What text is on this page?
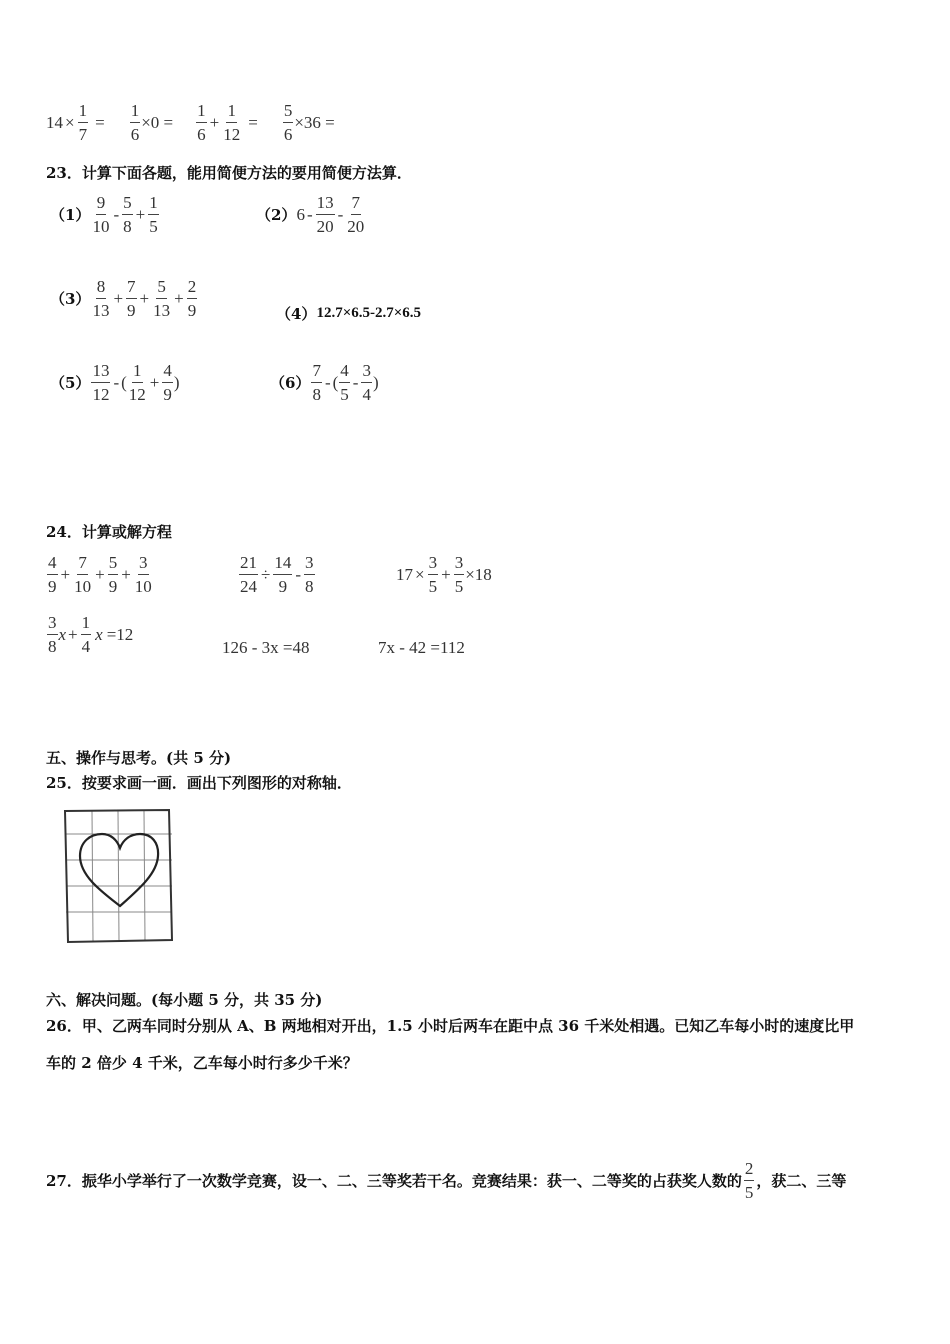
$14 \times \frac{1}{7} = \frac{1}{6} \times 0 = \frac{1}{6} + \frac{1}{12} = \frac{5}{6} \times 36$ =
23．计算下面各题，能用简便方法的要用简便方法算．
$(1) \frac{9}{10} - \frac{5}{8} + \frac{1}{5}$	（2） $6 - \frac{13}{20} - \frac{7}{20}$
$(3) \frac{8}{13} + \frac{7}{9} + \frac{5}{13} + \frac{2}{9}$	（4） 12.7×6.5-2.7×6.5
$(5) \frac{13}{12}$ - ( $\frac{1}{12} + \frac{4}{9}$ )	$(6) \frac{7}{8}$ - ( $\frac{4}{5} - \frac{3}{4}$ )
24．计算或解方程
$\frac{4}{9} + \frac{7}{10} + \frac{5}{9} + \frac{3}{10}$	$\frac{21}{24} \div \frac{14}{9} - \frac{3}{8}$	$17 \times \frac{3}{5} + \frac{3}{5} \times 18$
$\frac{3}{8}$ $x + \frac{1}{4}$ x =12
126 - 3x =48	7x - 42 =112
五、操作与思考。(共 5 分)
25．按要求画一画．画出下列图形的对称轴．
六、解决问题。(每小题 5 分，共 35 分)
26．甲、乙两车同时分别从 A、B 两地相对开出，1.5 小时后两车在距中点 36 千米处相遇。已知乙车每小时的速度比甲
车的 2 倍少 4 千米，乙车每小时行多少千米？
27．振华小学举行了一次数学竞赛，设一、二、三等奖若干名。竞赛结果：获一、二等奖的占获奖人数的 $\frac{2}{5}$ ，获二、三等
